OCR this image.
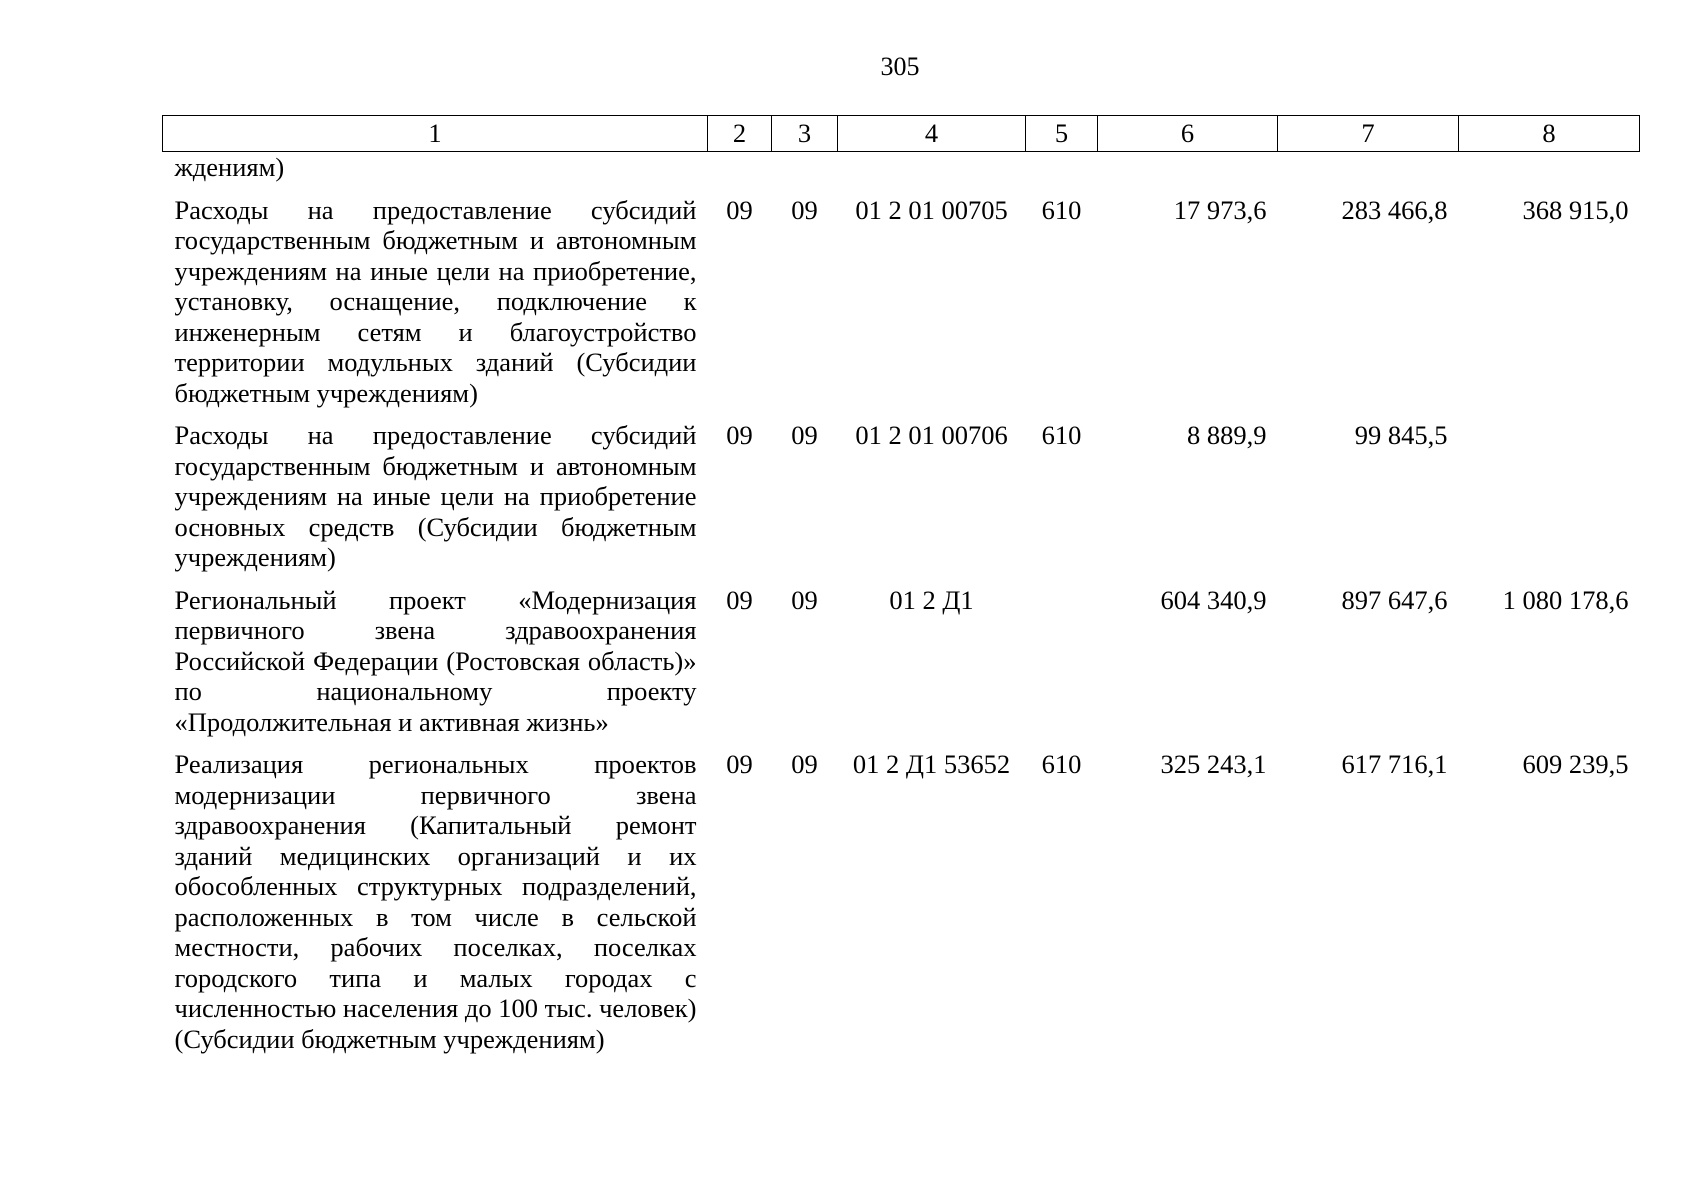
305
1	2	3	4	5	6	7	8
ждениям)							
Расходы на предоставление субсидий государственным бюджетным и автономным учреждениям на иные цели на приобретение, установку, оснащение, подключение к инженерным сетям и благоустройство территории модульных зданий (Субсидии бюджетным учреждениям)	09	09	01 2 01 00705	610	17 973,6	283 466,8	368 915,0
Расходы на предоставление субсидий государственным бюджетным и автономным учреждениям на иные цели на приобретение основных средств (Субсидии бюджетным учреждениям)	09	09	01 2 01 00706	610	8 889,9	99 845,5	
Региональный проект «Модернизация первичного звена здравоохранения Российской Федерации (Ростовская область)» по национальному проекту «Продолжительная и активная жизнь»	09	09	01 2 Д1		604 340,9	897 647,6	1 080 178,6
Реализация региональных проектов модернизации первичного звена здравоохранения (Капитальный ремонт зданий медицинских организаций и их обособленных структурных подразделений, расположенных в том числе в сельской местности, рабочих поселках, поселках городского типа и малых городах с численностью населения до 100 тыс. человек) (Субсидии бюджетным учреждениям)	09	09	01 2 Д1 53652	610	325 243,1	617 716,1	609 239,5
